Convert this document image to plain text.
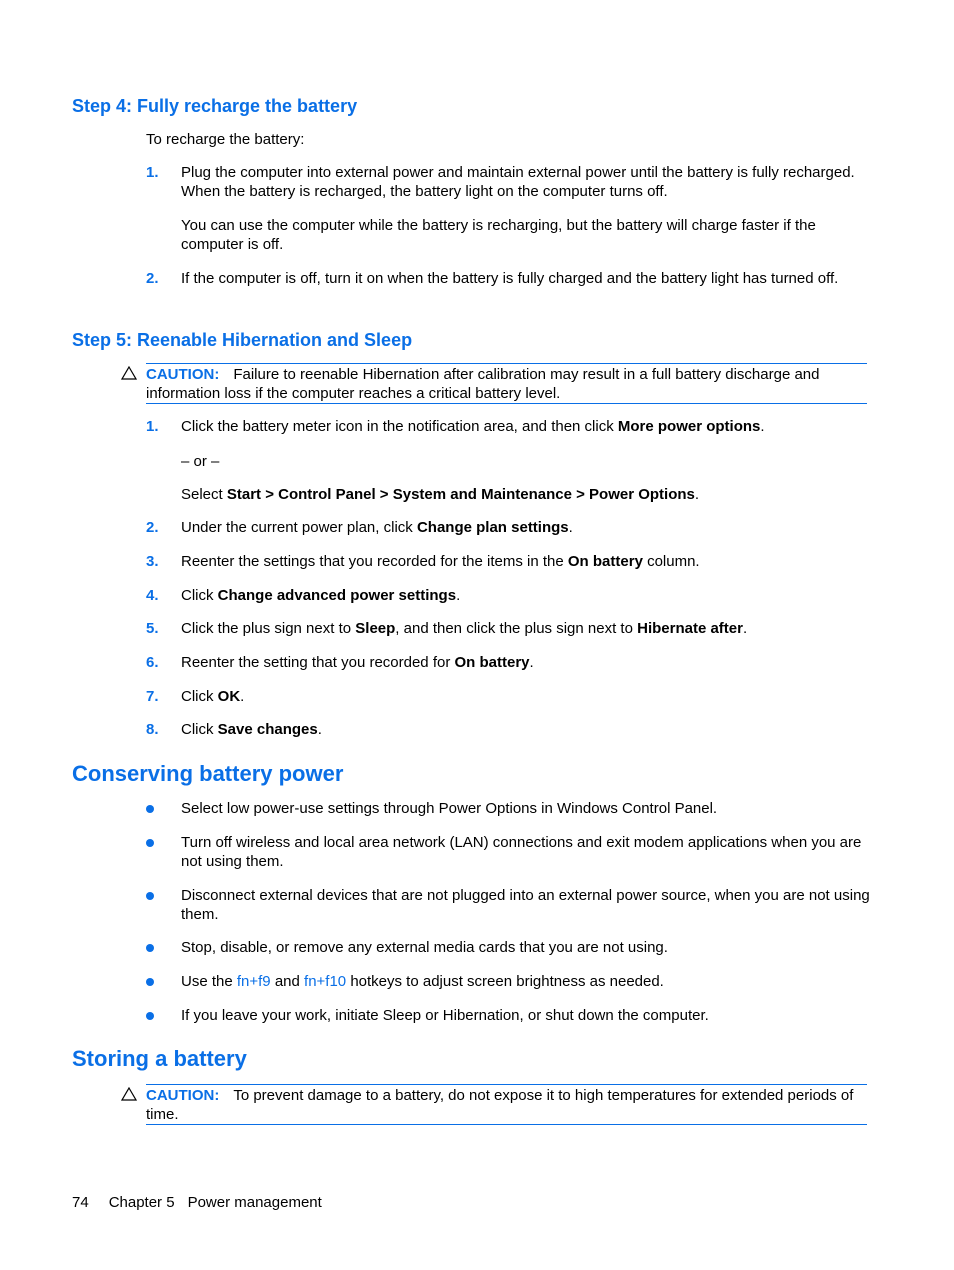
Step 4: Fully recharge the battery
To recharge the battery:
1. Plug the computer into external power and maintain external power until the battery is fully recharged. When the battery is recharged, the battery light on the computer turns off.
You can use the computer while the battery is recharging, but the battery will charge faster if the computer is off.
2. If the computer is off, turn it on when the battery is fully charged and the battery light has turned off.
Step 5: Reenable Hibernation and Sleep
CAUTION: Failure to reenable Hibernation after calibration may result in a full battery discharge and information loss if the computer reaches a critical battery level.
1. Click the battery meter icon in the notification area, and then click More power options.
– or –
Select Start > Control Panel > System and Maintenance > Power Options.
2. Under the current power plan, click Change plan settings.
3. Reenter the settings that you recorded for the items in the On battery column.
4. Click Change advanced power settings.
5. Click the plus sign next to Sleep, and then click the plus sign next to Hibernate after.
6. Reenter the setting that you recorded for On battery.
7. Click OK.
8. Click Save changes.
Conserving battery power
Select low power-use settings through Power Options in Windows Control Panel.
Turn off wireless and local area network (LAN) connections and exit modem applications when you are not using them.
Disconnect external devices that are not plugged into an external power source, when you are not using them.
Stop, disable, or remove any external media cards that you are not using.
Use the fn+f9 and fn+f10 hotkeys to adjust screen brightness as needed.
If you leave your work, initiate Sleep or Hibernation, or shut down the computer.
Storing a battery
CAUTION: To prevent damage to a battery, do not expose it to high temperatures for extended periods of time.
74 Chapter 5 Power management
